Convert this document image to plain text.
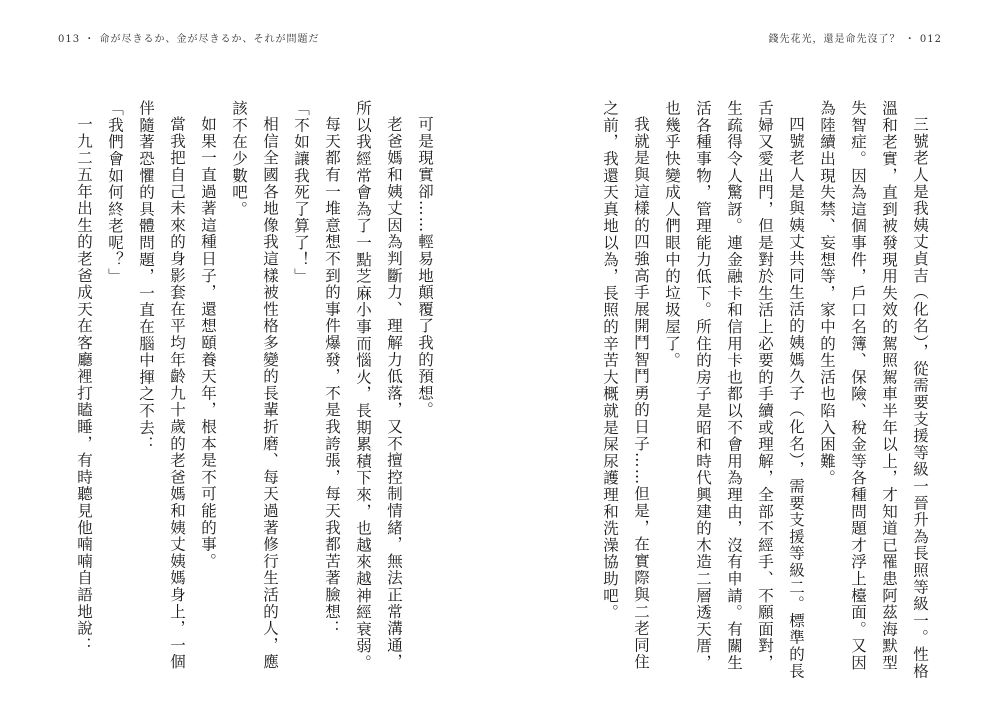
013 ・ 命が尽きるか、金が尽きるか、それが問題だ	錢先花光，還是命先沒了？ ・ 012

三號老人是我姨丈貞吉（化名），從需要支援等級一晉升為長照等級一。性格溫和老實，直到被發現用失效的駕照駕車半年以上，才知道已罹患阿茲海默型失智症。因為這個事件，戶口名簿、保險、稅金等各種問題才浮上檯面。又因為陸續出現失禁、妄想等，家中的生活也陷入困難。

四號老人是與姨丈共同生活的姨媽久子（化名），需要支援等級二。標準的長舌婦又愛出門，但是對於生活上必要的手續或理解，全部不經手、不願面對，生疏得令人驚訝。連金融卡和信用卡也都以不會用為理由，沒有申請。有關生活各種事物，管理能力低下。所住的房子是昭和時代興建的木造二層透天厝，也幾乎快變成人們眼中的垃圾屋了。

我就是與這樣的四強高手展開鬥智鬥勇的日子……但是，在實際與二老同住之前，我還天真地以為，長照的辛苦大概就是屎尿護理和洗澡協助吧。

可是現實卻……輕易地顛覆了我的預想。

老爸媽和姨丈因為判斷力、理解力低落，又不擅控制情緒，無法正常溝通，所以我經常會為了一點芝麻小事而惱火，長期累積下來，也越來越神經衰弱。

每天都有一堆意想不到的事件爆發，不是我誇張，每天我都苦著臉想：

「不如讓我死了算了！」

相信全國各地像我這樣被性格多變的長輩折磨、每天過著修行生活的人，應該不在少數吧。

如果一直過著這種日子，還想頤養天年，根本是不可能的事。

當我把自己未來的身影套在平均年齡九十歲的老爸媽和姨丈姨媽身上，一個伴隨著恐懼的具體問題，一直在腦中揮之不去：

「我們會如何終老呢？」

一九二五年出生的老爸成天在客廳裡打瞌睡，有時聽見他喃喃自語地說：
